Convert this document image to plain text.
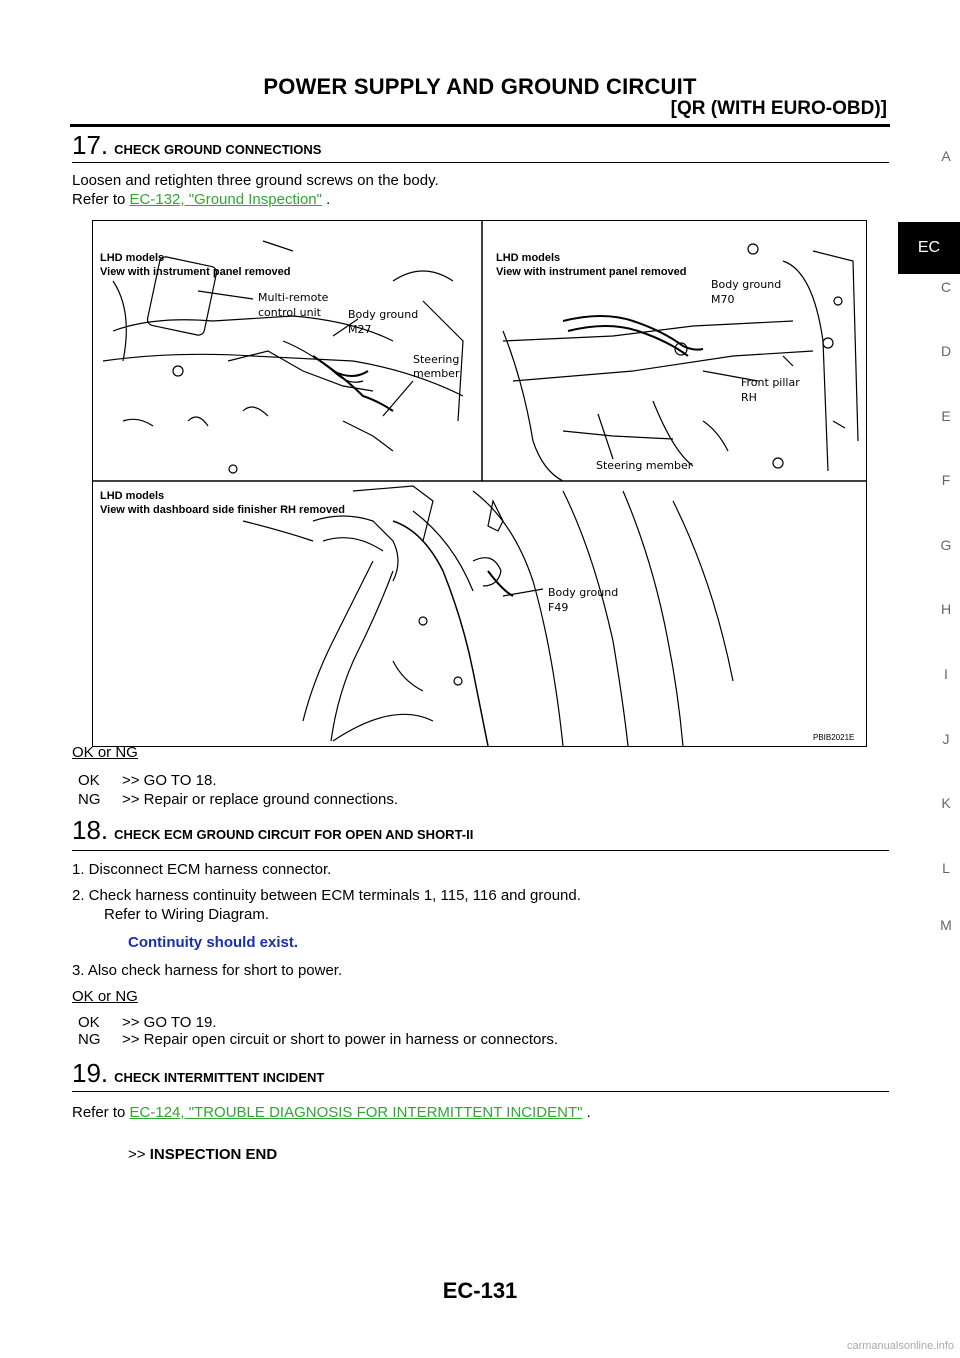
POWER SUPPLY AND GROUND CIRCUIT
[QR (WITH EURO-OBD)]
A
EC
C
D
E
F
G
H
I
J
K
L
M
17. CHECK GROUND CONNECTIONS
Loosen and retighten three ground screws on the body.
Refer to EC-132, "Ground Inspection" .
LHD models
View with instrument panel removed
Multi-remote
control unit Body ground
M27
Steering
member
LHD models
View with instrument panel removed
Body ground
M70
Front pillar
RH
Steering member
LHD models
View with dashboard side finisher RH removed
Body ground
F49
PBIB2021E
OK or NG
OK >> GO TO 18.
NG >> Repair or replace ground connections.
18. CHECK ECM GROUND CIRCUIT FOR OPEN AND SHORT-II
1. Disconnect ECM harness connector.
2. Check harness continuity between ECM terminals 1, 115, 116 and ground.
Refer to Wiring Diagram.
Continuity should exist.
3. Also check harness for short to power.
OK or NG
OK >> GO TO 19.
NG >> Repair open circuit or short to power in harness or connectors.
19. CHECK INTERMITTENT INCIDENT
Refer to EC-124, "TROUBLE DIAGNOSIS FOR INTERMITTENT INCIDENT" .
>> INSPECTION END
EC-131
carmanualsonline.info
